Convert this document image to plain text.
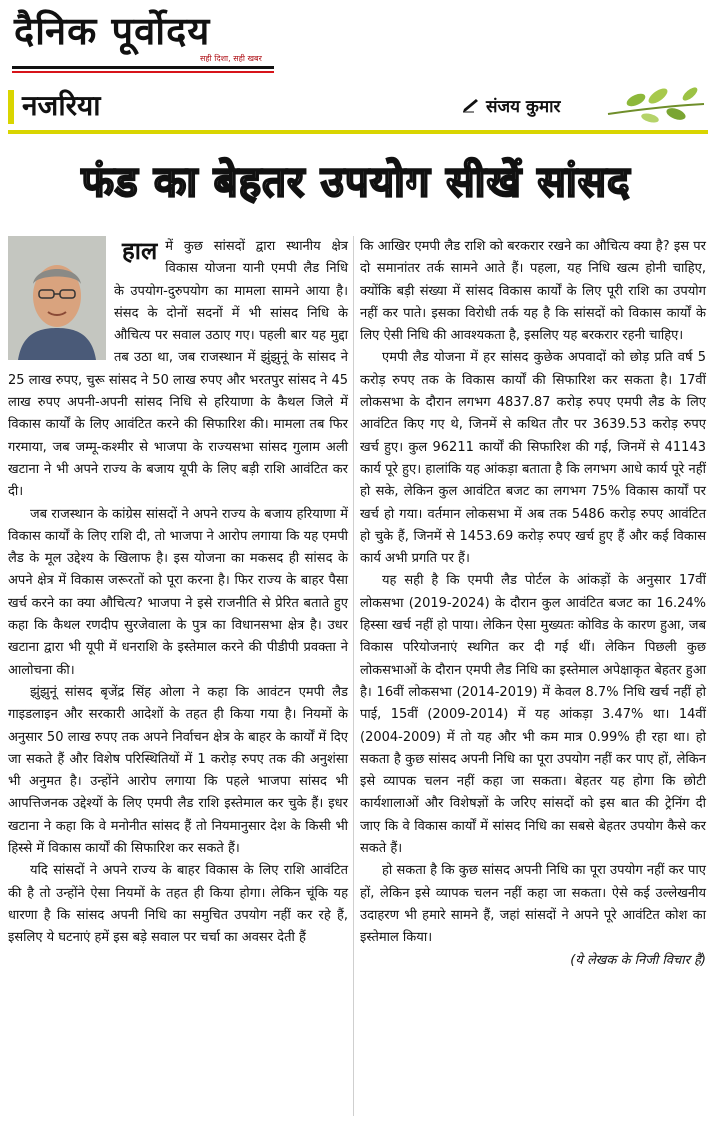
दैनिक पूर्वोदय
सही दिशा, सही खबर
नजरिया	संजय कुमार
फंड का बेहतर उपयोग सीखें सांसद
हाल में कुछ सांसदों द्वारा स्थानीय क्षेत्र विकास योजना यानी एमपी लैड निधि के उपयोग-दुरुपयोग का मामला सामने आया है। संसद के दोनों सदनों में भी सांसद निधि के औचित्य पर सवाल उठाए गए। पहली बार यह मुद्दा तब उठा था, जब राजस्थान में झुंझुनूं के सांसद ने 25 लाख रुपए, चुरू सांसद ने 50 लाख रुपए और भरतपुर सांसद ने 45 लाख रुपए अपनी-अपनी सांसद निधि से हरियाणा के कैथल जिले में विकास कार्यों के लिए आवंटित करने की सिफारिश की। मामला तब फिर गरमाया, जब जम्मू-कश्मीर से भाजपा के राज्यसभा सांसद गुलाम अली खटाना ने भी अपने राज्य के बजाय यूपी के लिए बड़ी राशि आवंटित कर दी।

जब राजस्थान के कांग्रेस सांसदों ने अपने राज्य के बजाय हरियाणा में विकास कार्यों के लिए राशि दी, तो भाजपा ने आरोप लगाया कि यह एमपी लैड के मूल उद्देश्य के खिलाफ है। इस योजना का मकसद ही सांसद के अपने क्षेत्र में विकास जरूरतों को पूरा करना है। फिर राज्य के बाहर पैसा खर्च करने का क्या औचित्य? भाजपा ने इसे राजनीति से प्रेरित बताते हुए कहा कि कैथल रणदीप सुरजेवाला के पुत्र का विधानसभा क्षेत्र है। उधर खटाना द्वारा भी यूपी में धनराशि के इस्तेमाल करने की पीडीपी प्रवक्ता ने आलोचना की।

झुंझुनूं सांसद बृजेंद्र सिंह ओला ने कहा कि आवंटन एमपी लैड गाइडलाइन और सरकारी आदेशों के तहत ही किया गया है। नियमों के अनुसार 50 लाख रुपए तक अपने निर्वाचन क्षेत्र के बाहर के कार्यों में दिए जा सकते हैं और विशेष परिस्थितियों में 1 करोड़ रुपए तक की अनुशंसा भी अनुमत है। उन्होंने आरोप लगाया कि पहले भाजपा सांसद भी आपत्तिजनक उद्देश्यों के लिए एमपी लैड राशि इस्तेमाल कर चुके हैं। इधर खटाना ने कहा कि वे मनोनीत सांसद हैं तो नियमानुसार देश के किसी भी हिस्से में विकास कार्यों की सिफारिश कर सकते हैं।

यदि सांसदों ने अपने राज्य के बाहर विकास के लिए राशि आवंटित की है तो उन्होंने ऐसा नियमों के तहत ही किया होगा। लेकिन चूंकि यह धारणा है कि सांसद अपनी निधि का समुचित उपयोग नहीं कर रहे हैं, इसलिए ये घटनाएं हमें इस बड़े सवाल पर चर्चा का अवसर देती हैं

कि आखिर एमपी लैड राशि को बरकरार रखने का औचित्य क्या है? इस पर दो समानांतर तर्क सामने आते हैं। पहला, यह निधि खत्म होनी चाहिए, क्योंकि बड़ी संख्या में सांसद विकास कार्यों के लिए पूरी राशि का उपयोग नहीं कर पाते। इसका विरोधी तर्क यह है कि सांसदों को विकास कार्यों के लिए ऐसी निधि की आवश्यकता है, इसलिए यह बरकरार रहनी चाहिए।

एमपी लैड योजना में हर सांसद कुछेक अपवादों को छोड़ प्रति वर्ष 5 करोड़ रुपए तक के विकास कार्यों की सिफारिश कर सकता है। 17वीं लोकसभा के दौरान लगभग 4837.87 करोड़ रुपए एमपी लैड के लिए आवंटित किए गए थे, जिनमें से कथित तौर पर 3639.53 करोड़ रुपए खर्च हुए। कुल 96211 कार्यों की सिफारिश की गई, जिनमें से 41143 कार्य पूरे हुए। हालांकि यह आंकड़ा बताता है कि लगभग आधे कार्य पूरे नहीं हो सके, लेकिन कुल आवंटित बजट का लगभग 75% विकास कार्यों पर खर्च हो गया। वर्तमान लोकसभा में अब तक 5486 करोड़ रुपए आवंटित हो चुके हैं, जिनमें से 1453.69 करोड़ रुपए खर्च हुए हैं और कई विकास कार्य अभी प्रगति पर हैं।

यह सही है कि एमपी लैड पोर्टल के आंकड़ों के अनुसार 17वीं लोकसभा (2019-2024) के दौरान कुल आवंटित बजट का 16.24% हिस्सा खर्च नहीं हो पाया। लेकिन ऐसा मुख्यतः कोविड के कारण हुआ, जब विकास परियोजनाएं स्थगित कर दी गई थीं। लेकिन पिछली कुछ लोकसभाओं के दौरान एमपी लैड निधि का इस्तेमाल अपेक्षाकृत बेहतर हुआ है। 16वीं लोकसभा (2014-2019) में केवल 8.7% निधि खर्च नहीं हो पाई, 15वीं (2009-2014) में यह आंकड़ा 3.47% था। 14वीं (2004-2009) में तो यह और भी कम मात्र 0.99% ही रहा था। हो सकता है कुछ सांसद अपनी निधि का पूरा उपयोग नहीं कर पाए हों, लेकिन इसे व्यापक चलन नहीं कहा जा सकता। बेहतर यह होगा कि छोटी कार्यशालाओं और विशेषज्ञों के जरिए सांसदों को इस बात की ट्रेनिंग दी जाए कि वे विकास कार्यों में सांसद निधि का सबसे बेहतर उपयोग कैसे कर सकते हैं।

हो सकता है कि कुछ सांसद अपनी निधि का पूरा उपयोग नहीं कर पाए हों, लेकिन इसे व्यापक चलन नहीं कहा जा सकता। ऐसे कई उल्लेखनीय उदाहरण भी हमारे सामने हैं, जहां सांसदों ने अपने पूरे आवंटित कोश का इस्तेमाल किया।

(ये लेखक के निजी विचार हैं)
